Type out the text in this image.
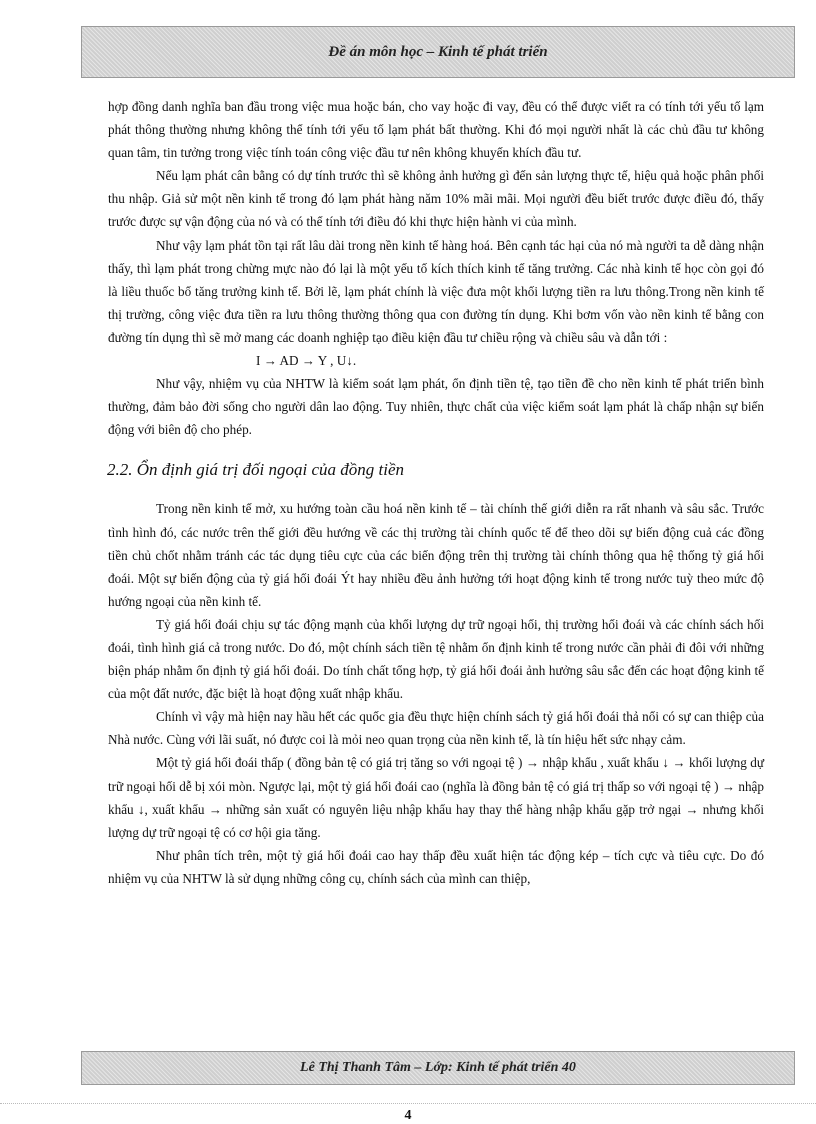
Đề án môn học – Kinh tế phát triển

hợp đồng danh nghĩa ban đầu trong việc mua hoặc bán, cho vay hoặc đi vay, đều có thể được viết ra có tính tới yếu tố lạm phát thông thường nhưng không thể tính tới yếu tố lạm phát bất thường. Khi đó mọi người nhất là các chủ đầu tư không quan tâm, tin tưởng trong việc tính toán công việc đầu tư nên không khuyến khích đầu tư.

Nếu lạm phát cân bằng có dự tính trước thì sẽ không ảnh hưởng gì đến sản lượng thực tế, hiệu quả hoặc phân phối thu nhập. Giả sử một nền kinh tế trong đó lạm phát hàng năm 10% mãi mãi. Mọi người đều biết trước được điều đó, thấy trước được sự vận động của nó và có thể tính tới điều đó khi thực hiện hành vi của mình.

Như vậy lạm phát tồn tại rất lâu dài trong nền kinh tế hàng hoá. Bên cạnh tác hại của nó mà người ta dễ dàng nhận thấy, thì lạm phát trong chừng mực nào đó lại là một yếu tố kích thích kinh tế tăng trưởng. Các nhà kinh tế học còn gọi đó là liều thuốc bổ tăng trưởng kinh tế. Bởi lẽ, lạm phát chính là việc đưa một khối lượng tiền ra lưu thông.Trong nền kinh tế thị trường, công việc đưa tiền ra lưu thông thường thông qua con đường tín dụng. Khi bơm vốn vào nền kinh tế bằng con đường tín dụng thì sẽ mở mang các doanh nghiệp tạo điều kiện đầu tư chiều rộng và chiều sâu và dẫn tới :

I → AD → Y , U↓.

Như vậy, nhiệm vụ của NHTW là kiểm soát lạm phát, ổn định tiền tệ, tạo tiền đề cho nền kinh tế phát triển bình thường, đảm bảo đời sống cho người dân lao động. Tuy nhiên, thực chất của việc kiểm soát lạm phát là chấp nhận sự biến động với biên độ cho phép.

2.2. Ổn định giá trị đối ngoại của đồng tiền

Trong nền kinh tế mở, xu hướng toàn cầu hoá nền kinh tế – tài chính thế giới diễn ra rất nhanh và sâu sắc. Trước tình hình đó, các nước trên thế giới đều hướng về các thị trường tài chính quốc tế để theo dõi sự biến động cuả các đồng tiền chủ chốt nhằm tránh các tác dụng tiêu cực của các biến động trên thị trường tài chính thông qua hệ thống tỷ giá hối đoái. Một sự biến động của tỷ giá hối đoái Ýt hay nhiều đều ảnh hưởng tới hoạt động kinh tế trong nước tuỳ theo mức độ hướng ngoại của nền kinh tế.

Tỷ giá hối đoái chịu sự tác động mạnh của khối lượng dự trữ ngoại hối, thị trường hối đoái và các chính sách hối đoái, tình hình giá cả trong nước. Do đó, một chính sách tiền tệ nhằm ổn định kinh tế trong nước cần phải đi đôi với những biện pháp nhằm ổn định tỷ giá hối đoái. Do tính chất tổng hợp, tỷ giá hối đoái ảnh hưởng sâu sắc đến các hoạt động kinh tế của một đất nước, đặc biệt là hoạt động xuất nhập khẩu.

Chính vì vậy mà hiện nay hầu hết các quốc gia đều thực hiện chính sách tỷ giá hối đoái thả nổi có sự can thiệp của Nhà nước. Cùng với lãi suất, nó được coi là mỏi neo quan trọng của nền kinh tế, là tín hiệu hết sức nhạy cảm.

Một tỷ giá hối đoái thấp ( đồng bản tệ có giá trị tăng so với ngoại tệ ) → nhập khẩu , xuất khẩu ↓ → khối lượng dự trữ ngoại hối dễ bị xói mòn. Ngược lại, một tỷ giá hối đoái cao (nghĩa là đồng bản tệ có giá trị thấp so với ngoại tệ ) → nhập khẩu ↓, xuất khẩu → những sản xuất có nguyên liệu nhập khẩu hay thay thế hàng nhập khẩu gặp trở ngại → nhưng khối lượng dự trữ ngoại tệ có cơ hội gia tăng.

Như phân tích trên, một tỷ giá hối đoái cao hay thấp đều xuất hiện tác động kép – tích cực và tiêu cực. Do đó nhiệm vụ của NHTW là sử dụng những công cụ, chính sách của mình can thiệp,

Lê Thị Thanh Tâm – Lớp: Kinh tế phát triển 40
4
